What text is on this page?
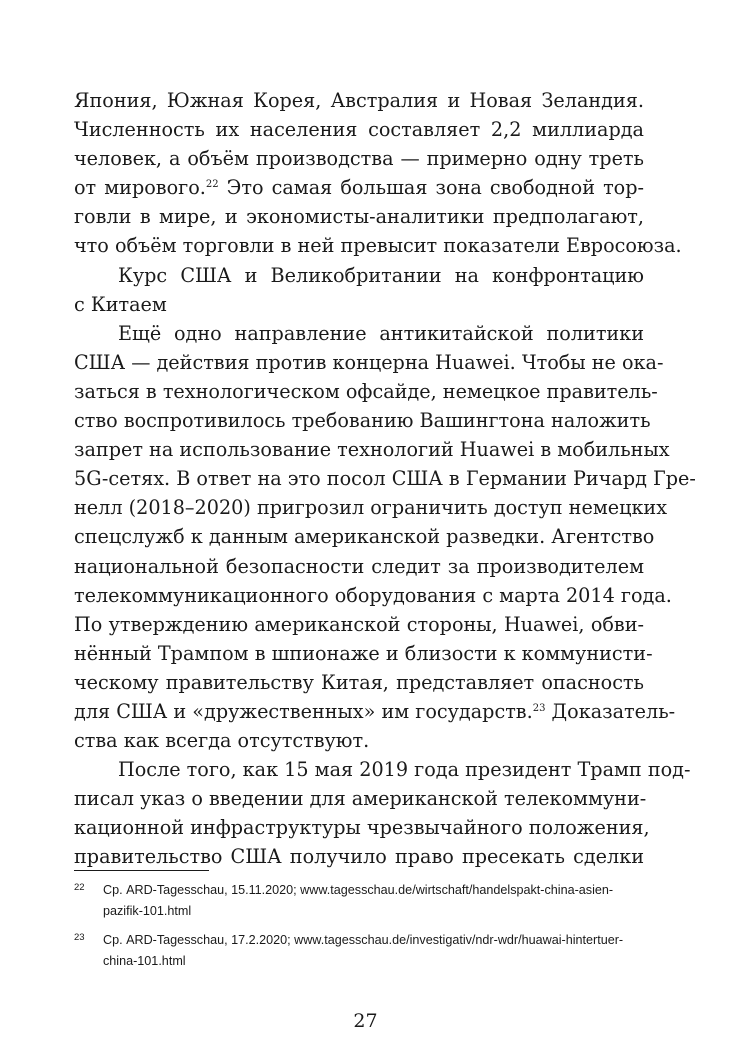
Япония, Южная Корея, Австралия и Новая Зеландия.
Численность их населения составляет 2,2 миллиарда
человек, а объём производства — примерно одну треть
от мирового.$^{22}$ Это самая большая зона свободной тор-
говли в мире, и экономисты-аналитики предполагают,
что объём торговли в ней превысит показатели Евросоюза.
Курс США и Великобритании на конфронтацию
с Китаем
Ещё одно направление антикитайской политики
США — действия против концерна Huawei. Чтобы не ока-
заться в технологическом офсайде, немецкое правитель-
ство воспротивилось требованию Вашингтона наложить
запрет на использование технологий Huawei в мобильных
5G-сетях. В ответ на это посол США в Германии Ричард Гре-
нелл (2018–2020) пригрозил ограничить доступ немецких
спецслужб к данным американской разведки. Агентство
национальной безопасности следит за производителем
телекоммуникационного оборудования с марта 2014 года.
По утверждению американской стороны, Huawei, обви-
нённый Трампом в шпионаже и близости к коммунисти-
ческому правительству Китая, представляет опасность
для США и «дружественных» им государств.$^{23}$ Доказатель-
ства как всегда отсутствуют.
После того, как 15 мая 2019 года президент Трамп под-
писал указ о введении для американской телекоммуни-
кационной инфраструктуры чрезвычайного положения,
правительство США получило право пресекать сделки
22 Ср. ARD-Tagesschau, 15.11.2020; www.tagesschau.de/wirtschaft/handelspakt-china-asien-
pazifik-101.html
23 Ср. ARD-Tagesschau, 17.2.2020; www.tagesschau.de/investigativ/ndr-wdr/huawai-hintertuer-
china-101.html
27
